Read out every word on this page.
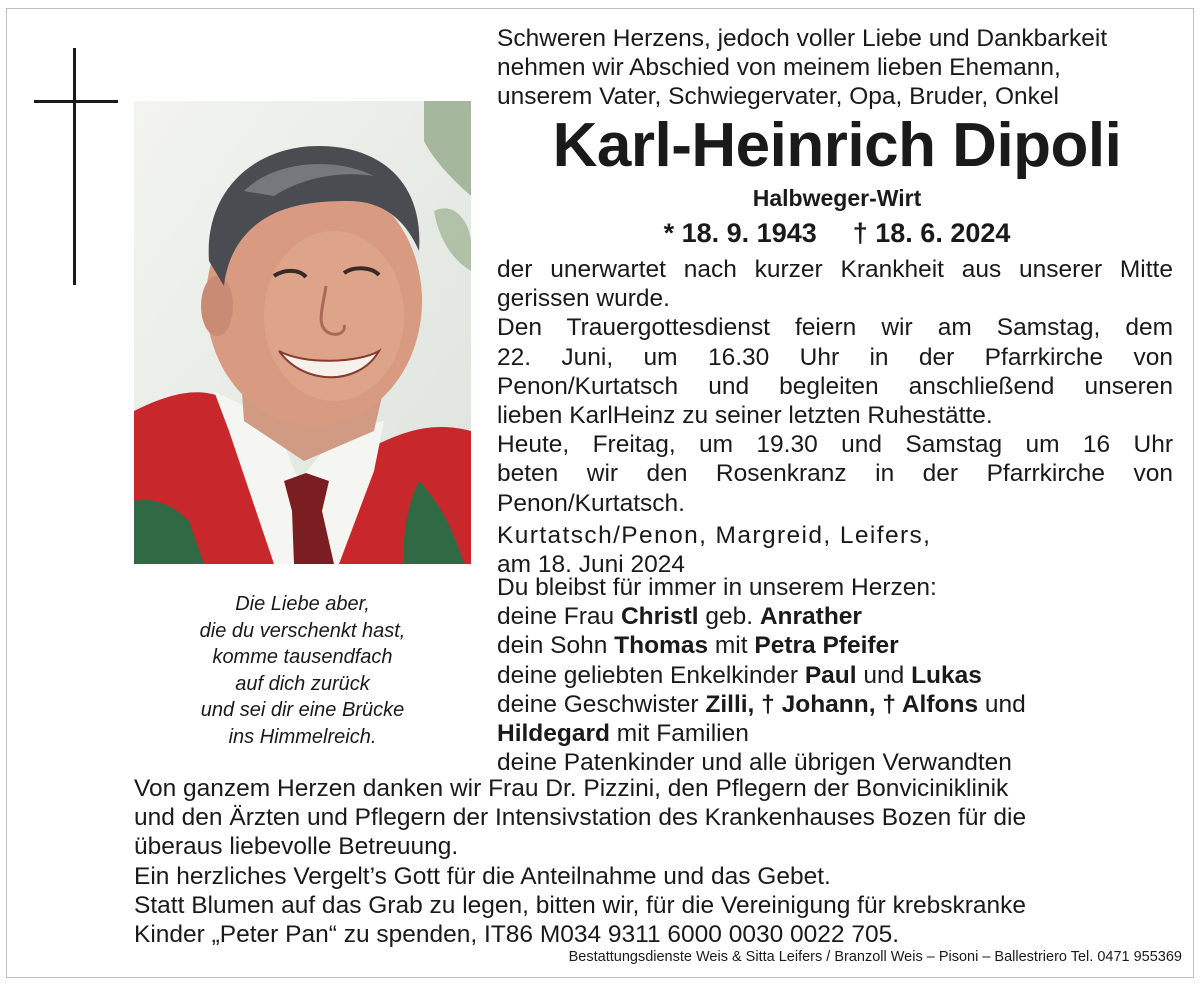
Die Liebe aber,
die du verschenkt hast,
komme tausendfach
auf dich zurück
und sei dir eine Brücke
ins Himmelreich.
Schweren Herzens, jedoch voller Liebe und Dankbarkeit
nehmen wir Abschied von meinem lieben Ehemann,
unserem Vater, Schwiegervater, Opa, Bruder, Onkel
Karl-Heinrich Dipoli
Halbweger-Wirt
* 18. 9. 1943 † 18. 6. 2024
der unerwartet nach kurzer Krankheit aus unserer Mitte
gerissen wurde.
Den Trauergottesdienst feiern wir am Samstag, dem
22. Juni, um 16.30 Uhr in der Pfarrkirche von
Penon/Kurtatsch und begleiten anschließend unseren
lieben KarlHeinz zu seiner letzten Ruhestätte.
Heute, Freitag, um 19.30 und Samstag um 16 Uhr
beten wir den Rosenkranz in der Pfarrkirche von
Penon/Kurtatsch.
Kurtatsch/Penon, Margreid, Leifers,
am 18. Juni 2024
Du bleibst für immer in unserem Herzen:
deine Frau Christl geb. Anrather
dein Sohn Thomas mit Petra Pfeifer
deine geliebten Enkelkinder Paul und Lukas
deine Geschwister Zilli, † Johann, † Alfons und
Hildegard mit Familien
deine Patenkinder und alle übrigen Verwandten
Von ganzem Herzen danken wir Frau Dr. Pizzini, den Pflegern der Bonviciniklinik
und den Ärzten und Pflegern der Intensivstation des Krankenhauses Bozen für die
überaus liebevolle Betreuung.
Ein herzliches Vergelt’s Gott für die Anteilnahme und das Gebet.
Statt Blumen auf das Grab zu legen, bitten wir, für die Vereinigung für krebskranke
Kinder „Peter Pan“ zu spenden, IT86 M034 9311 6000 0030 0022 705.
Bestattungsdienste Weis & Sitta Leifers / Branzoll Weis – Pisoni – Ballestriero Tel. 0471 955369
